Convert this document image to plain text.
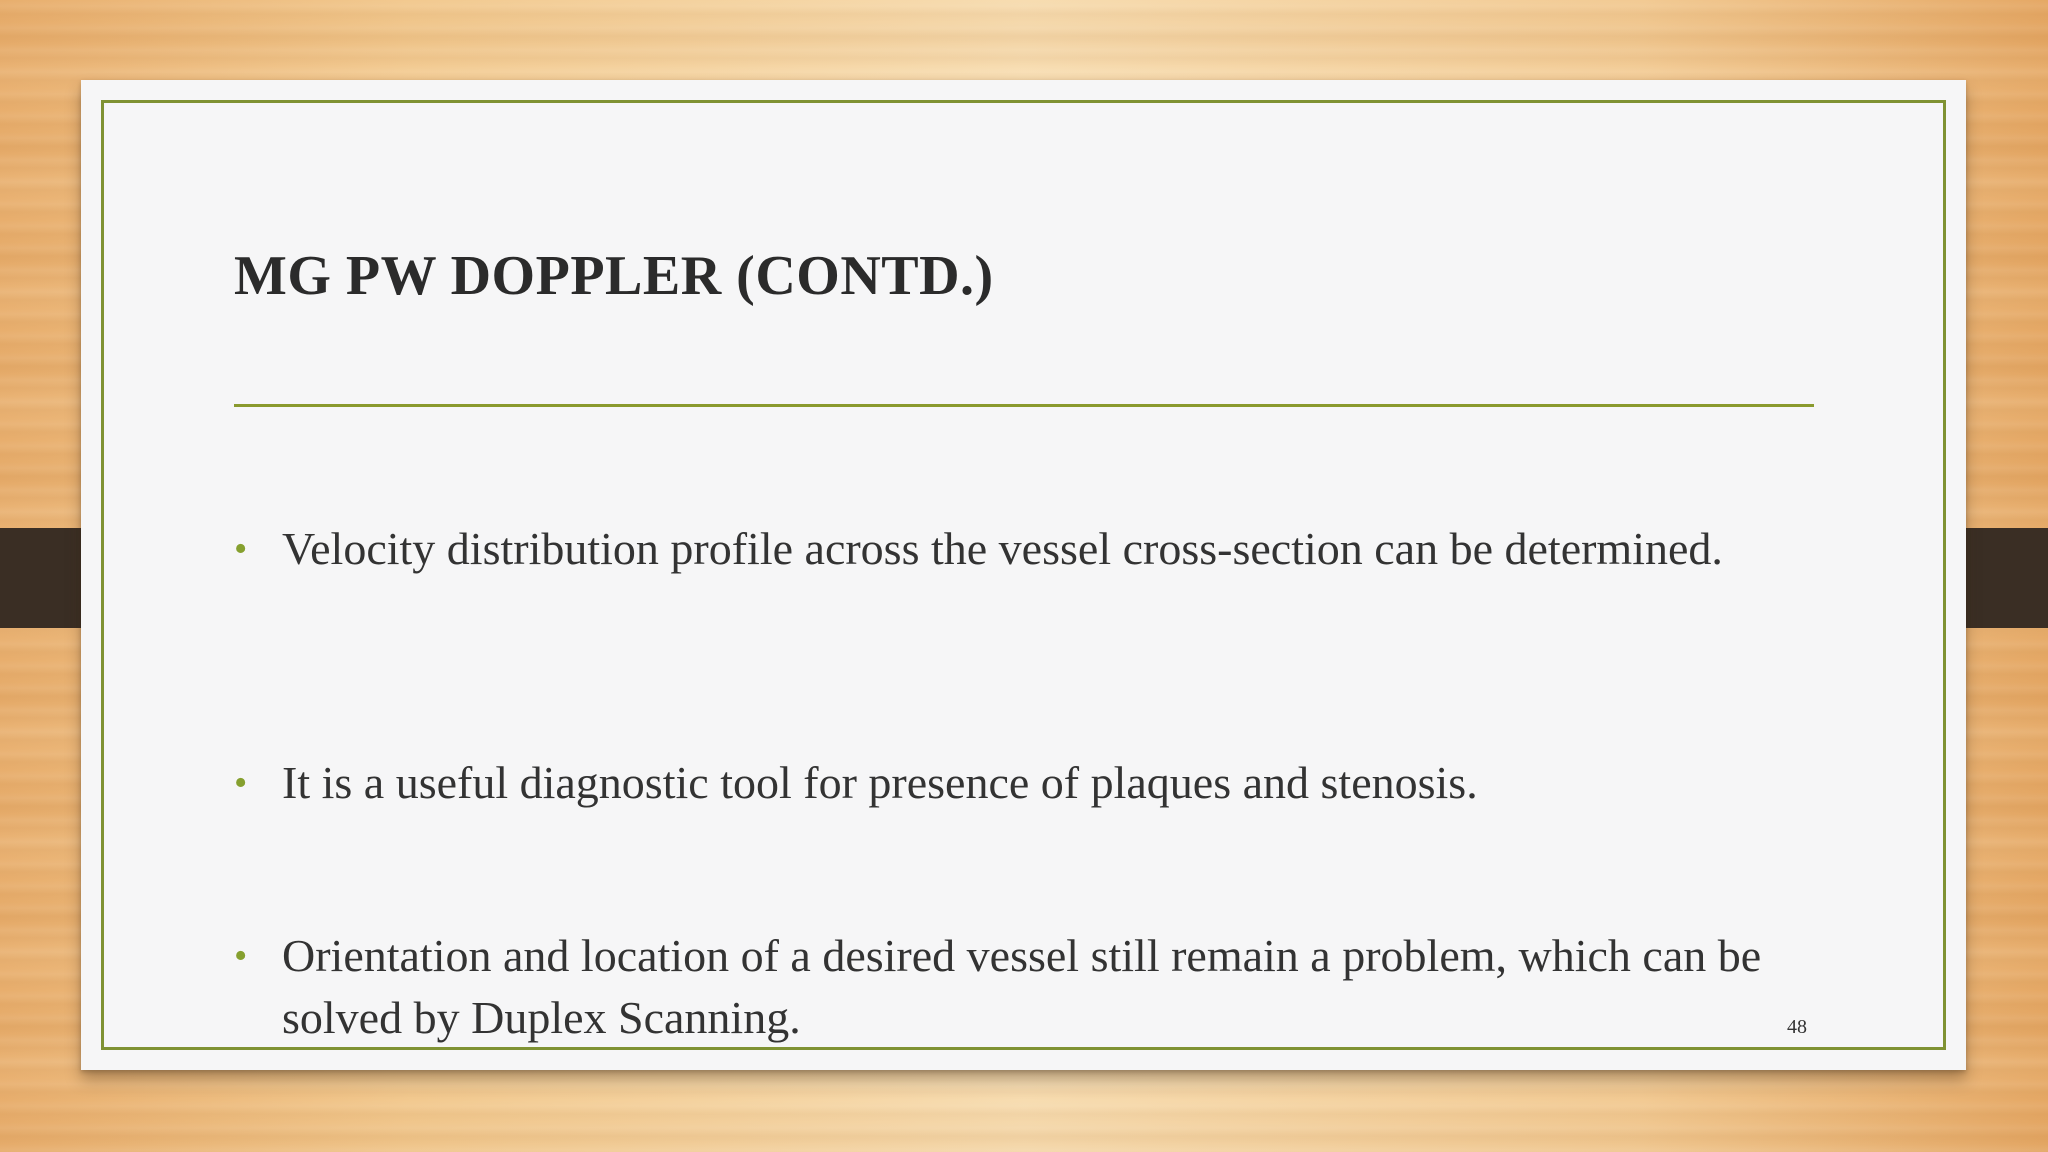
MG PW DOPPLER (CONTD.)
• Velocity distribution profile across the vessel cross-section can be determined.
• It is a useful diagnostic tool for presence of plaques and stenosis.
• Orientation and location of a desired vessel still remain a problem, which can be solved by Duplex Scanning.	48
